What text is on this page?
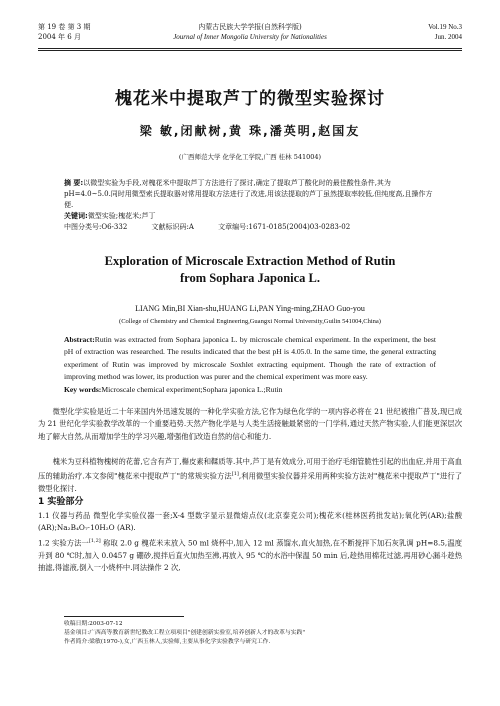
第 19 卷 第 3 期
2004 年 6 月
内蒙古民族大学学报(自然科学版)
Journal of Inner Mongolia University for Nationalities
Vol.19 No.3
Jun. 2004
槐花米中提取芦丁的微型实验探讨
梁 敏,闭献树,黄 珠,潘英明,赵国友
(广西师范大学 化学化工学院,广西 桂林 541004)
摘 要:以微型实验为手段,对槐花米中提取芦丁方法进行了探讨,确定了提取芦丁酸化时的最佳酸性条件,其为 pH=4.0~5.0.同时用微型索氏提取器对常用提取方法进行了改进,用该法提取的芦丁虽然提取率较低,但纯度高,且操作方便.
关键词:微型实验;槐花米;芦丁
中图分类号:O6-332	文献标识码:A	文章编号:1671-0185(2004)03-0283-02
Exploration of Microscale Extraction Method of Rutin
from Sophara Japonica L.
LIANG Min,BI Xian-shu,HUANG Li,PAN Ying-ming,ZHAO Guo-you
(College of Chemistry and Chemical Engineering,Guangxi Normal University,Guilin 541004,China)
Abstract:Rutin was extracted from Sophara japonica L. by microscale chemical experiment. In the experiment, the best pH of extraction was researched. The results indicated that the best pH is 4.05.0. In the same time, the general extracting experiment of Rutin was improved by microscale Soxhlet extracting equipment. Though the rate of extraction of improving method was lower, its production was purer and the chemical experiment was more easy.
Key words:Microscale chemical experiment;Sophara japonica L.;Rutin
微型化学实验是近二十年来国内外迅速发展的一种化学实验方法,它作为绿色化学的一项内容必将在 21 世纪被推广普及,现已成为 21 世纪化学实验教学改革的一个重要趋势.天然产物化学是与人类生活接触最紧密的一门学科,通过天然产物实验,人们能更深层次地了解大自然,从而增加学生的学习兴趣,增强他们改造自然的信心和能力.
槐米为豆科植物槐树的花蕾,它含有芦丁,槲皮素和鞣质等.其中,芦丁是有效成分,可用于治疗毛细管脆性引起的出血症,并用于高血压的辅助治疗.本文参阅"槐花米中提取芦丁"的常规实验方法[1],利用微型实验仪器并采用两种实验方法对"槐花米中提取芦丁"进行了微型化探讨.
1 实验部分
1.1 仪器与药品 微型化学实验仪器一套;X-4 型数字显示显微熔点仪(北京泰克公司);槐花米(桂林医药批发站);氧化钙(AR);盐酸(AR);Na₂B₄O₇·10H₂O (AR).
1.2 实验方法一[1,2] 称取 2.0 g 槐花米末放入 50 ml 烧杯中,加入 12 ml 蒸馏水,直火加热,在不断搅拌下加石灰乳调 pH=8.5,温度升到 80 ℃时,加入 0.0457 g 硼砂,搅拌后直火加热至沸,再放入 95 ℃的水浴中保温 50 min 后,趁热用棉花过滤,再用砂心漏斗趁热抽滤,得滤液,倒入一小烧杯中.同法操作 2 次,
收稿日期:2003-07-12
基金项目:广西高等教育新世纪教改工程立项项目"创建创新实验室,培养创新人才的改革与实践"
作者简介:梁敏(1970-),女,广西玉林人,实验师,主要从事化学实验教学与研究工作.
